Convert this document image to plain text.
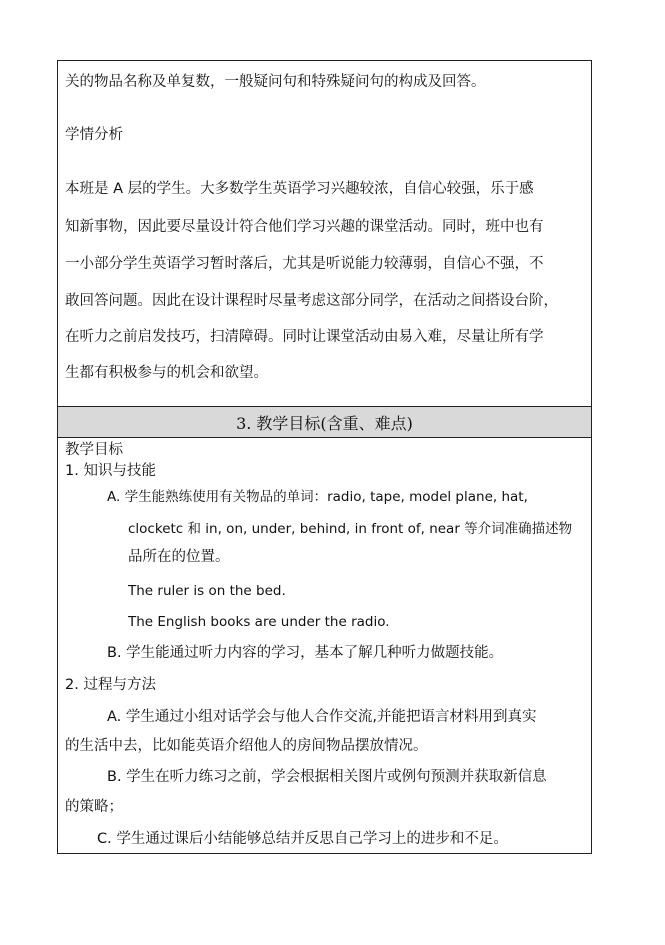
关的物品名称及单复数，一般疑问句和特殊疑问句的构成及回答。
学情分析
本班是 A 层的学生。大多数学生英语学习兴趣较浓，自信心较强，乐于感
知新事物，因此要尽量设计符合他们学习兴趣的课堂活动。同时，班中也有
一小部分学生英语学习暂时落后，尤其是听说能力较薄弱，自信心不强，不
敢回答问题。因此在设计课程时尽量考虑这部分同学，在活动之间搭设台阶，
在听力之前启发技巧，扫清障碍。同时让课堂活动由易入难，尽量让所有学
生都有积极参与的机会和欲望。
3. 教学目标(含重、难点)
教学目标
1. 知识与技能
A. 学生能熟练使用有关物品的单词：radio, tape, model plane, hat,
clocketc 和 in, on, under, behind, in front of, near 等介词准确描述物
品所在的位置。
The ruler is on the bed.
The English books are under the radio.
B. 学生能通过听力内容的学习，基本了解几种听力做题技能。
2. 过程与方法
A. 学生通过小组对话学会与他人合作交流,并能把语言材料用到真实
的生活中去，比如能英语介绍他人的房间物品摆放情况。
B. 学生在听力练习之前，学会根据相关图片或例句预测并获取新信息
的策略；
C. 学生通过课后小结能够总结并反思自己学习上的进步和不足。
